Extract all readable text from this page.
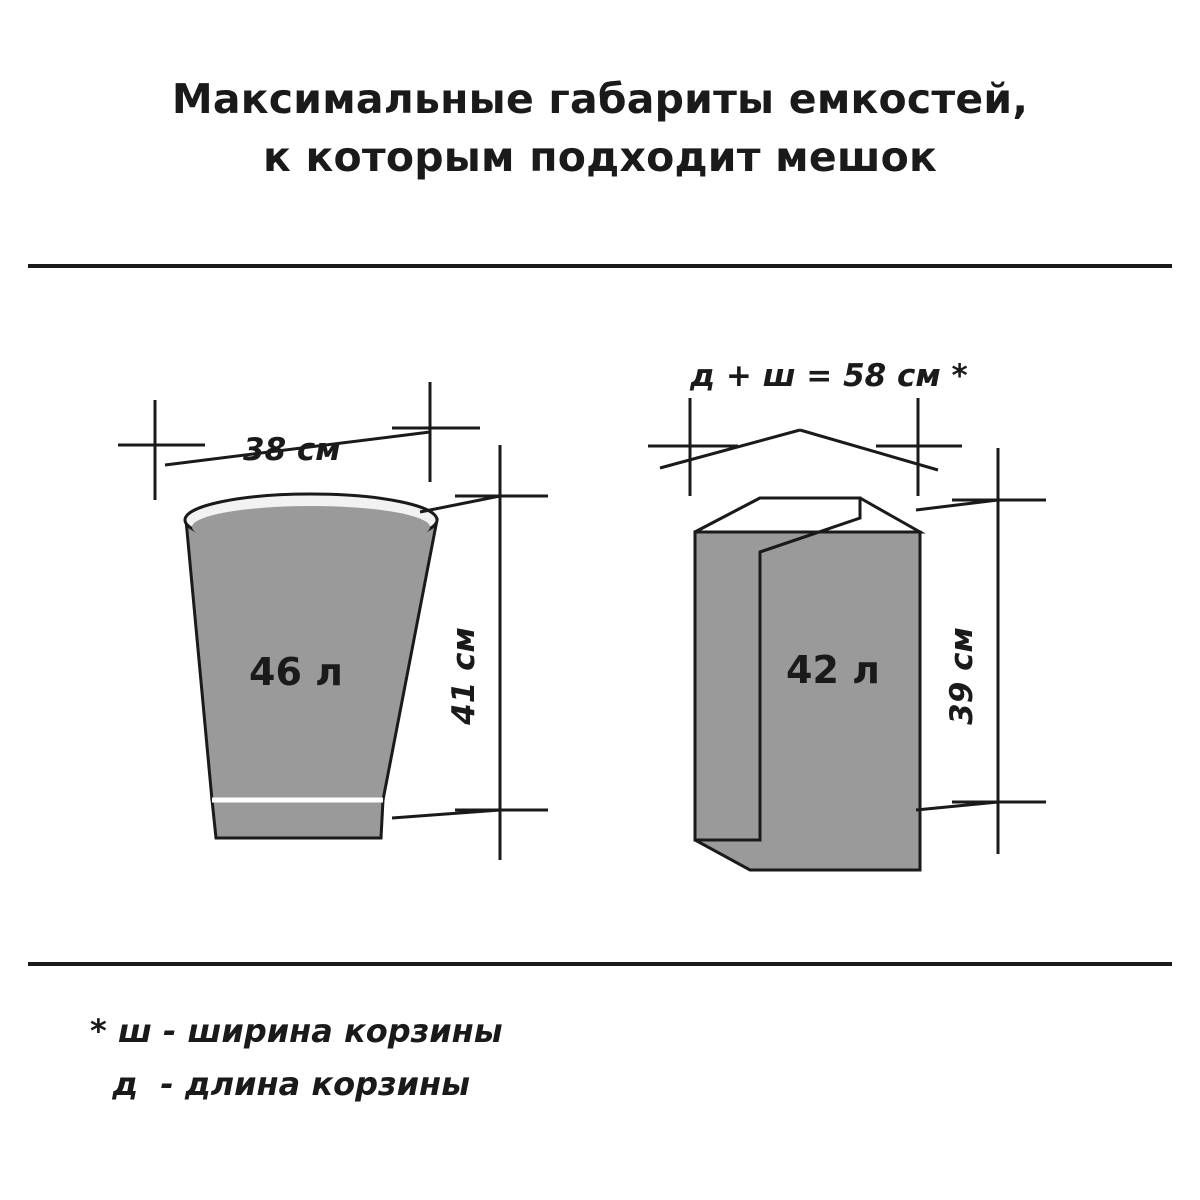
Максимальные габариты емкостей,
к которым подходит мешок
38 см
46 л	41 см
д + ш = 58 см *
42 л 39 см
* ш - ширина корзины
д  - длина корзины
